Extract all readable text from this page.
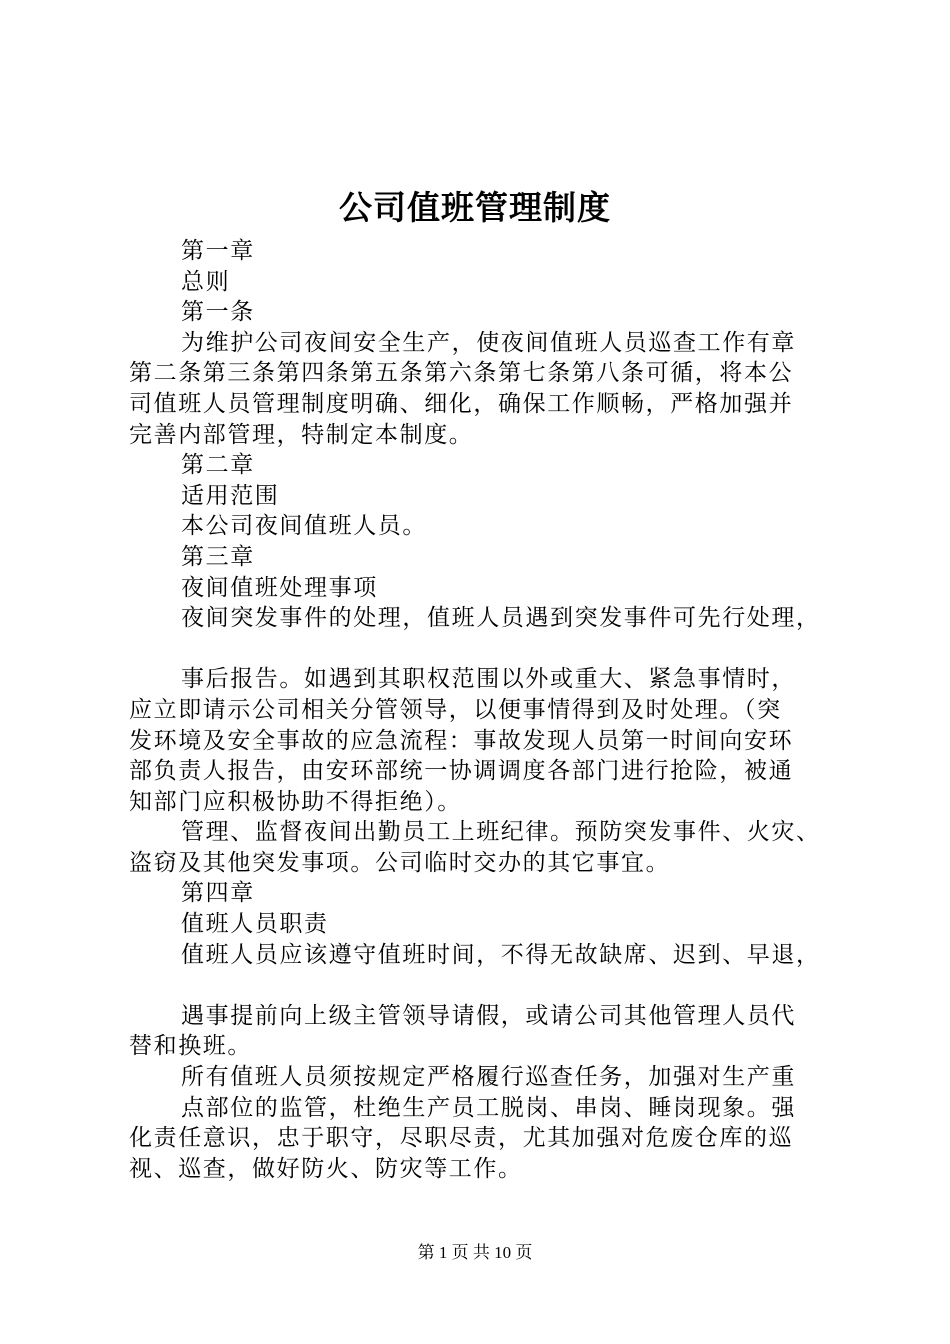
公司值班管理制度
第一章
总则
第一条
为维护公司夜间安全生产，使夜间值班人员巡查工作有章
第二条第三条第四条第五条第六条第七条第八条可循，将本公
司值班人员管理制度明确、细化，确保工作顺畅，严格加强并
完善内部管理，特制定本制度。
第二章
适用范围
本公司夜间值班人员。
第三章
夜间值班处理事项
夜间突发事件的处理，值班人员遇到突发事件可先行处理，
事后报告。如遇到其职权范围以外或重大、紧急事情时，
应立即请示公司相关分管领导，以便事情得到及时处理。（突
发环境及安全事故的应急流程：事故发现人员第一时间向安环
部负责人报告，由安环部统一协调调度各部门进行抢险，被通
知部门应积极协助不得拒绝）。
管理、监督夜间出勤员工上班纪律。预防突发事件、火灾、
盗窃及其他突发事项。公司临时交办的其它事宜。
第四章
值班人员职责
值班人员应该遵守值班时间，不得无故缺席、迟到、早退，
遇事提前向上级主管领导请假，或请公司其他管理人员代
替和换班。
所有值班人员须按规定严格履行巡查任务，加强对生产重
点部位的监管，杜绝生产员工脱岗、串岗、睡岗现象。强
化责任意识，忠于职守，尽职尽责，尤其加强对危废仓库的巡
视、巡查，做好防火、防灾等工作。
第 1 页 共 10 页
